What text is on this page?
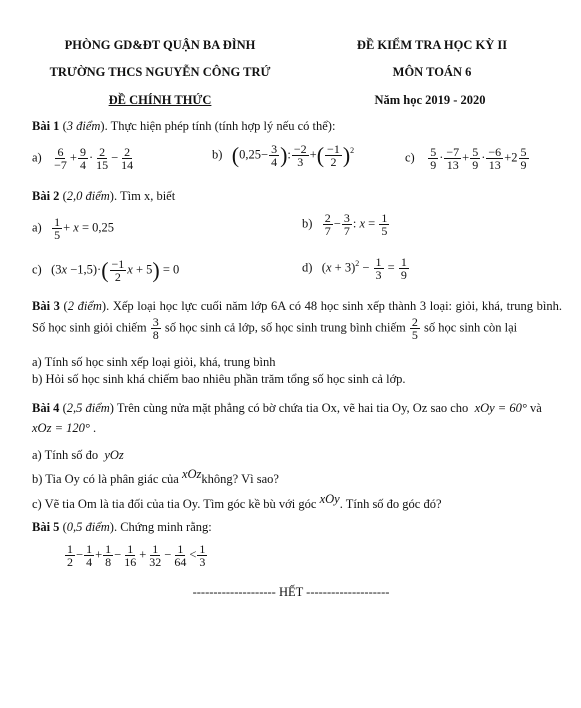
PHÒNG GD&ĐT QUẬN BA ĐÌNH
TRƯỜNG THCS NGUYỄN CÔNG TRỨ
ĐỀ CHÍNH THỨC
ĐỀ KIỂM TRA HỌC KỲ II
MÔN TOÁN 6
Năm học 2019 - 2020
Bài 1 (3 điểm). Thực hiện phép tính (tính hợp lý nếu có thể):
$a) \frac{6}{-7} + \frac{9}{4} \cdot \frac{2}{15} - \frac{2}{14}$	b)   ($0,25- \frac{3}{4}$ ): $\frac{-2}{3}$ +( $\frac{-1}{2} )^2$	$c) \frac{5}{9} \cdot \frac{-7}{13} + \frac{5}{9} \cdot \frac{-6}{13} +2 \frac{5}{9}$
Bài 2 (2,0 điểm). Tìm x, biết
$a) \frac{1}{5} + x = 0,25$	$b) \frac{2}{7} - \frac{3}{7}$ : $x = \frac{1}{5}$
c)   $(3x -1,5)\cdot( \frac{-1}{2}$ x + 5) = 0	d)   $(x + 3)^2 - \frac{1}{3} = \frac{1}{9}$
Bài 3 (2 điểm). Xếp loại học lực cuối năm lớp 6A có 48 học sinh xếp thành 3 loại: giỏi, khá, trung bình. Số học sinh giỏi chiếm $\frac{3}{8}$ số học sinh cả lớp, số học sinh trung bình chiếm $\frac{2}{5}$ số học sinh còn lại
a) Tính số học sinh xếp loại giỏi, khá, trung bình
b) Hỏi số học sinh khá chiếm bao nhiêu phần trăm tổng số học sinh cả lớp.
Bài 4 (2,5 điểm) Trên cùng nửa mặt phẳng có bờ chứa tia Ox, vẽ hai tia Oy, Oz sao cho xOy = 60° và
xOz = 120° .
a) Tính số đo yOz
b) Tia Oy có là phân giác của xOzkhông? Vì sao?
c) Vẽ tia Om là tia đối của tia Oy. Tìm góc kề bù với góc xOy. Tính số đo góc đó?
Bài 5 (0,5 điểm). Chứng minh rằng:
$\frac{1}{2} - \frac{1}{4} + \frac{1}{8} - \frac{1}{16} + \frac{1}{32} - \frac{1}{64} < \frac{1}{3}$
-------------------- HẾT --------------------
